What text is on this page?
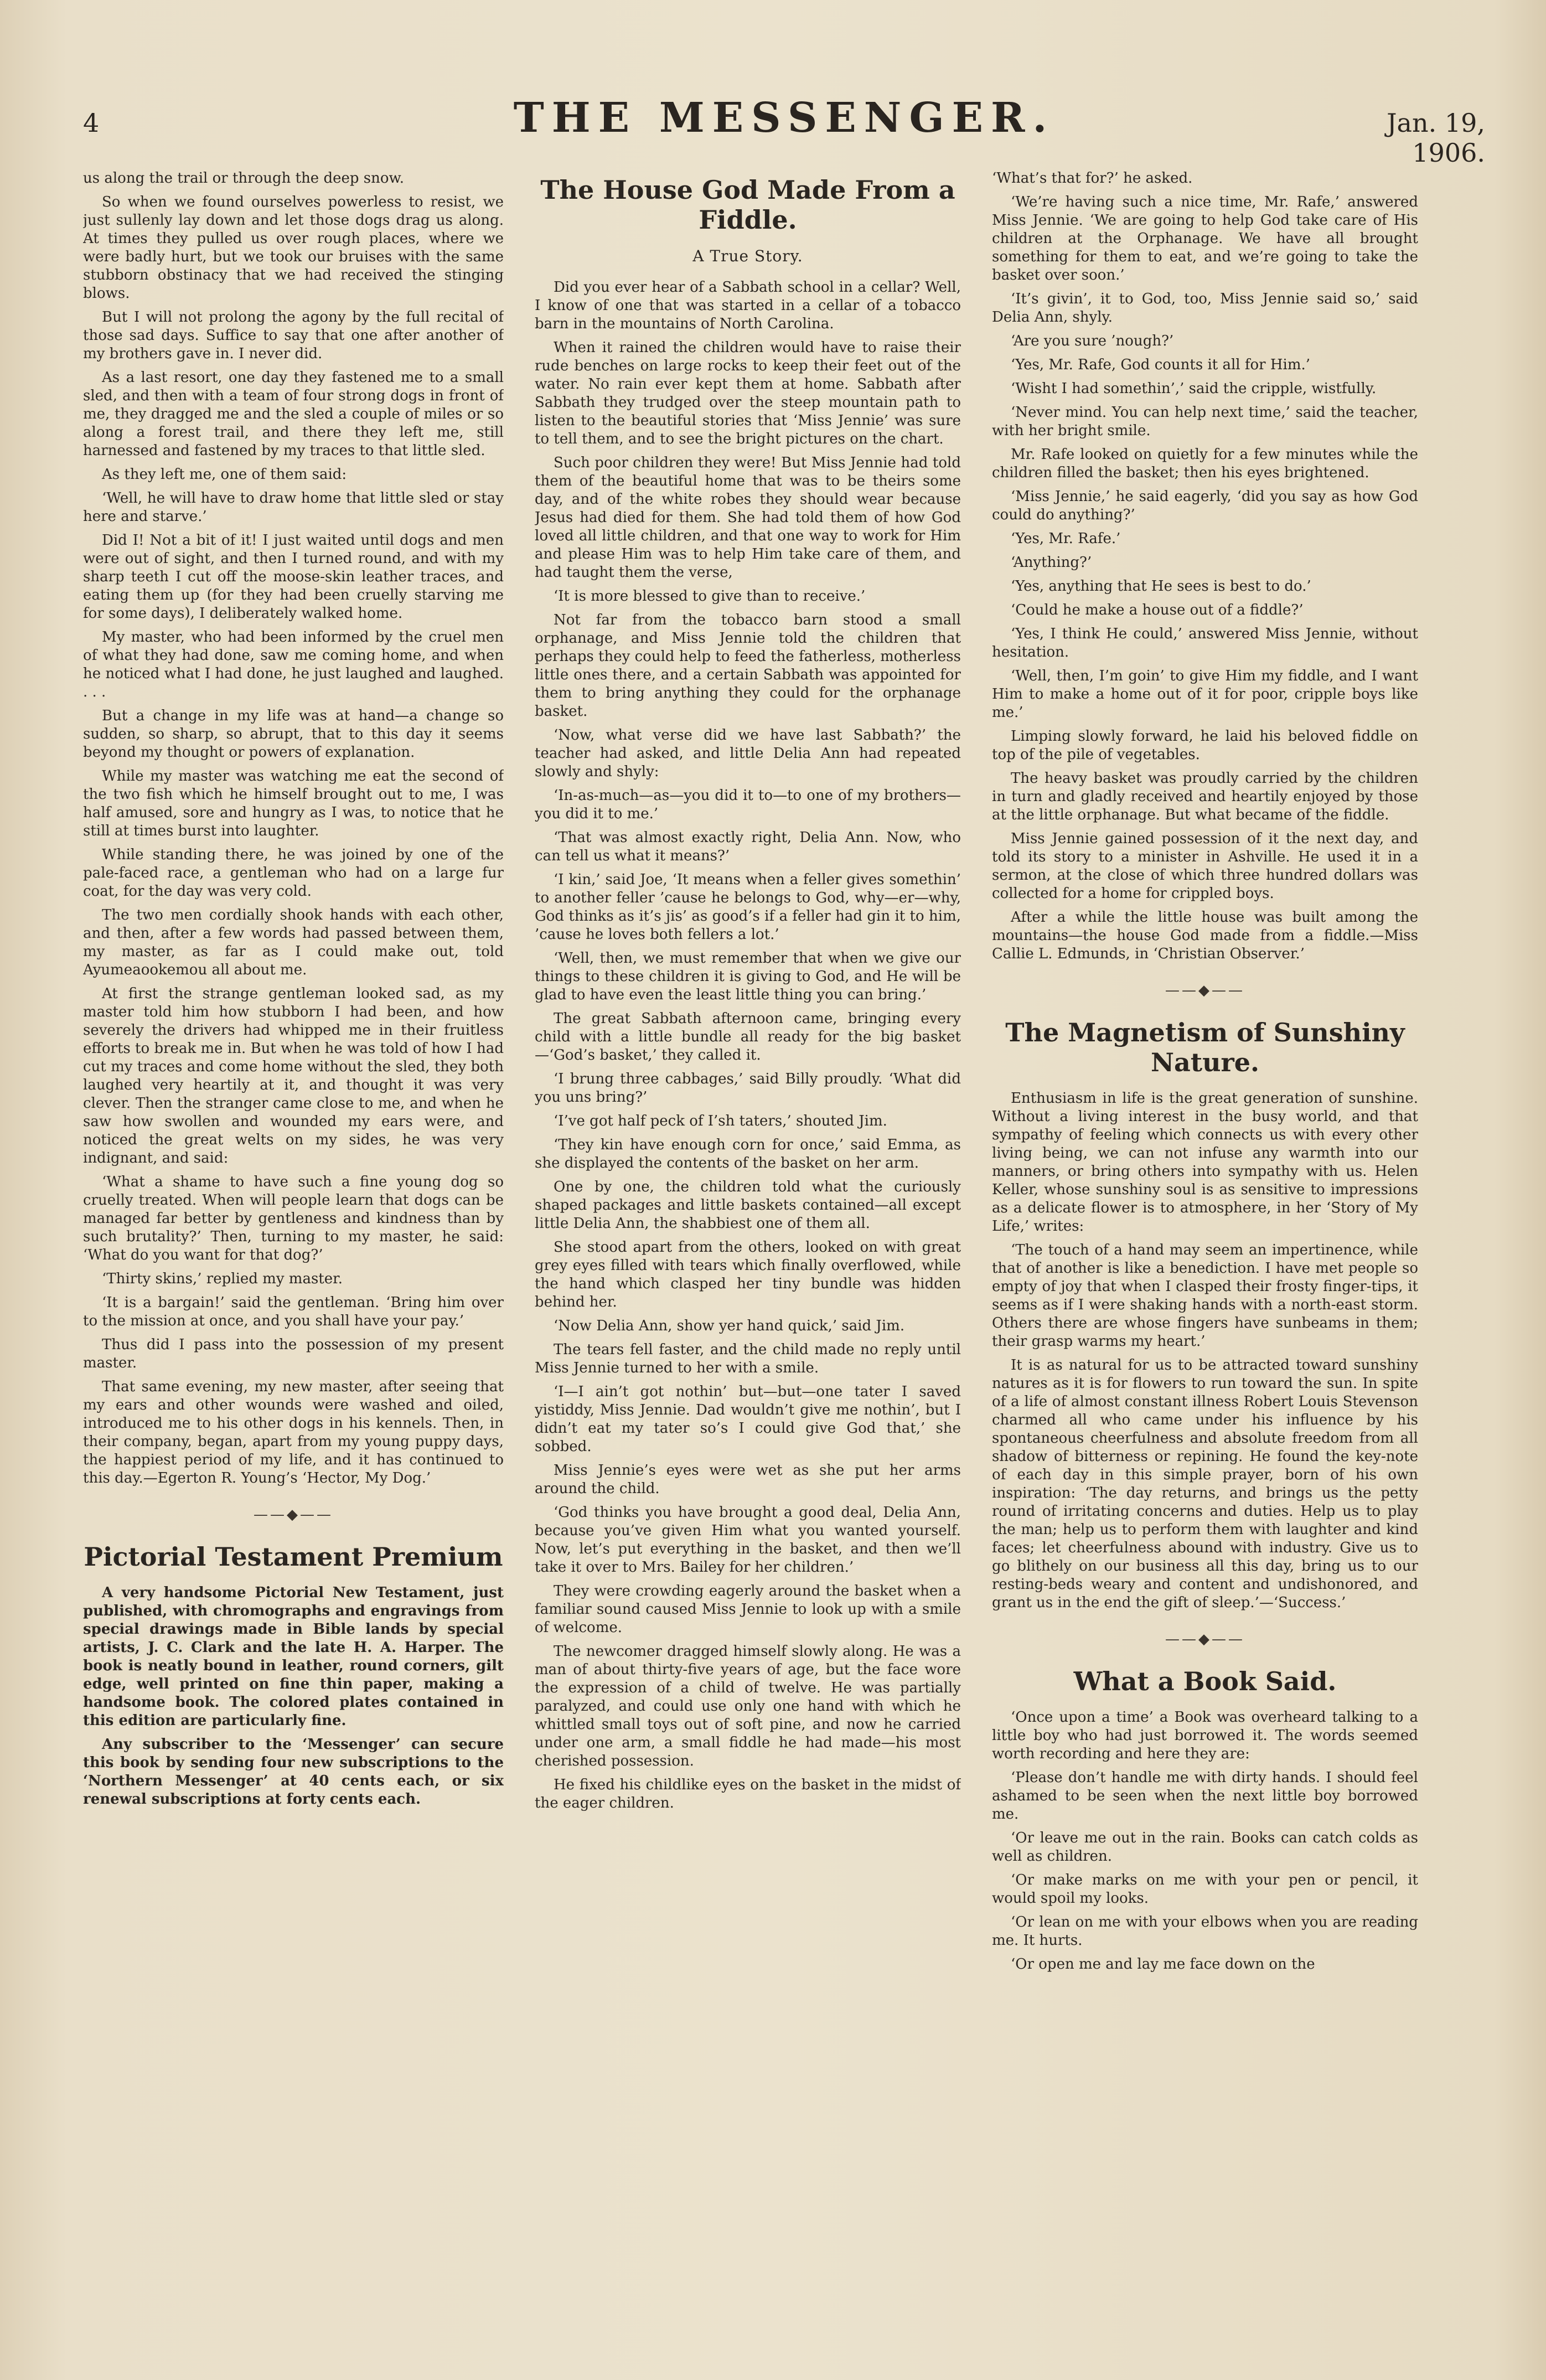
4	THE MESSENGER.	Jan. 19, 1906.

us along the trail or through the deep snow.

So when we found ourselves powerless to resist, we just sullenly lay down and let those dogs drag us along. At times they pulled us over rough places, where we were badly hurt, but we took our bruises with the same stubborn obstinacy that we had received the stinging blows.

But I will not prolong the agony by the full recital of those sad days. Suffice to say that one after another of my brothers gave in. I never did.

As a last resort, one day they fastened me to a small sled, and then with a team of four strong dogs in front of me, they dragged me and the sled a couple of miles or so along a forest trail, and there they left me, still harnessed and fastened by my traces to that little sled.

As they left me, one of them said:

‘Well, he will have to draw home that little sled or stay here and starve.’

Did I! Not a bit of it! I just waited until dogs and men were out of sight, and then I turned round, and with my sharp teeth I cut off the moose-skin leather traces, and eating them up (for they had been cruelly starving me for some days), I deliberately walked home.

My master, who had been informed by the cruel men of what they had done, saw me coming home, and when he noticed what I had done, he just laughed and laughed. . . .

But a change in my life was at hand—a change so sudden, so sharp, so abrupt, that to this day it seems beyond my thought or powers of explanation.

While my master was watching me eat the second of the two fish which he himself brought out to me, I was half amused, sore and hungry as I was, to notice that he still at times burst into laughter.

While standing there, he was joined by one of the pale-faced race, a gentleman who had on a large fur coat, for the day was very cold.

The two men cordially shook hands with each other, and then, after a few words had passed between them, my master, as far as I could make out, told Ayumeaookemou all about me.

At first the strange gentleman looked sad, as my master told him how stubborn I had been, and how severely the drivers had whipped me in their fruitless efforts to break me in. But when he was told of how I had cut my traces and come home without the sled, they both laughed very heartily at it, and thought it was very clever. Then the stranger came close to me, and when he saw how swollen and wounded my ears were, and noticed the great welts on my sides, he was very indignant, and said:

‘What a shame to have such a fine young dog so cruelly treated. When will people learn that dogs can be managed far better by gentleness and kindness than by such brutality?’ Then, turning to my master, he said: ‘What do you want for that dog?’

‘Thirty skins,’ replied my master.

‘It is a bargain!’ said the gentleman. ‘Bring him over to the mission at once, and you shall have your pay.’

Thus did I pass into the possession of my present master.

That same evening, my new master, after seeing that my ears and other wounds were washed and oiled, introduced me to his other dogs in his kennels. Then, in their company, began, apart from my young puppy days, the happiest period of my life, and it has continued to this day.—Egerton R. Young’s ‘Hector, My Dog.’

——◆——
Pictorial Testament Premium

A very handsome Pictorial New Testament, just published, with chromographs and engravings from special drawings made in Bible lands by special artists, J. C. Clark and the late H. A. Harper. The book is neatly bound in leather, round corners, gilt edge, well printed on fine thin paper, making a handsome book. The colored plates contained in this edition are particularly fine.

Any subscriber to the ‘Messenger’ can secure this book by sending four new subscriptions to the ‘Northern Messenger’ at 40 cents each, or six renewal subscriptions at forty cents each.

The House God Made From a Fiddle.
A True Story.

Did you ever hear of a Sabbath school in a cellar? Well, I know of one that was started in a cellar of a tobacco barn in the mountains of North Carolina.

When it rained the children would have to raise their rude benches on large rocks to keep their feet out of the water. No rain ever kept them at home. Sabbath after Sabbath they trudged over the steep mountain path to listen to the beautiful stories that ‘Miss Jennie’ was sure to tell them, and to see the bright pictures on the chart.

Such poor children they were! But Miss Jennie had told them of the beautiful home that was to be theirs some day, and of the white robes they should wear because Jesus had died for them. She had told them of how God loved all little children, and that one way to work for Him and please Him was to help Him take care of them, and had taught them the verse,

‘It is more blessed to give than to receive.’

Not far from the tobacco barn stood a small orphanage, and Miss Jennie told the children that perhaps they could help to feed the fatherless, motherless little ones there, and a certain Sabbath was appointed for them to bring anything they could for the orphanage basket.

‘Now, what verse did we have last Sabbath?’ the teacher had asked, and little Delia Ann had repeated slowly and shyly:

‘In-as-much—as—you did it to—to one of my brothers—you did it to me.’

‘That was almost exactly right, Delia Ann. Now, who can tell us what it means?’

‘I kin,’ said Joe, ‘It means when a feller gives somethin’ to another feller ’cause he belongs to God, why—er—why, God thinks as it’s jis’ as good’s if a feller had gin it to him, ’cause he loves both fellers a lot.’

‘Well, then, we must remember that when we give our things to these children it is giving to God, and He will be glad to have even the least little thing you can bring.’

The great Sabbath afternoon came, bringing every child with a little bundle all ready for the big basket—‘God’s basket,’ they called it.

‘I brung three cabbages,’ said Billy proudly. ‘What did you uns bring?’

‘I’ve got half peck of I’sh taters,’ shouted Jim.

‘They kin have enough corn for once,’ said Emma, as she displayed the contents of the basket on her arm.

One by one, the children told what the curiously shaped packages and little baskets contained—all except little Delia Ann, the shabbiest one of them all.

She stood apart from the others, looked on with great grey eyes filled with tears which finally overflowed, while the hand which clasped her tiny bundle was hidden behind her.

‘Now Delia Ann, show yer hand quick,’ said Jim.

The tears fell faster, and the child made no reply until Miss Jennie turned to her with a smile.

‘I—I ain’t got nothin’ but—but—one tater I saved yistiddy, Miss Jennie. Dad wouldn’t give me nothin’, but I didn’t eat my tater so’s I could give God that,’ she sobbed.

Miss Jennie’s eyes were wet as she put her arms around the child.

‘God thinks you have brought a good deal, Delia Ann, because you’ve given Him what you wanted yourself. Now, let’s put everything in the basket, and then we’ll take it over to Mrs. Bailey for her children.’

They were crowding eagerly around the basket when a familiar sound caused Miss Jennie to look up with a smile of welcome.

The newcomer dragged himself slowly along. He was a man of about thirty-five years of age, but the face wore the expression of a child of twelve. He was partially paralyzed, and could use only one hand with which he whittled small toys out of soft pine, and now he carried under one arm, a small fiddle he had made—his most cherished possession.

He fixed his childlike eyes on the basket in the midst of the eager children.

‘What’s that for?’ he asked.

‘We’re having such a nice time, Mr. Rafe,’ answered Miss Jennie. ‘We are going to help God take care of His children at the Orphanage. We have all brought something for them to eat, and we’re going to take the basket over soon.’

‘It’s givin’, it to God, too, Miss Jennie said so,’ said Delia Ann, shyly.

‘Are you sure ’nough?’

‘Yes, Mr. Rafe, God counts it all for Him.’

‘Wisht I had somethin’,’ said the cripple, wistfully.

‘Never mind. You can help next time,’ said the teacher, with her bright smile.

Mr. Rafe looked on quietly for a few minutes while the children filled the basket; then his eyes brightened.

‘Miss Jennie,’ he said eagerly, ‘did you say as how God could do anything?’

‘Yes, Mr. Rafe.’

‘Anything?’

‘Yes, anything that He sees is best to do.’

‘Could he make a house out of a fiddle?’

‘Yes, I think He could,’ answered Miss Jennie, without hesitation.

‘Well, then, I’m goin’ to give Him my fiddle, and I want Him to make a home out of it for poor, cripple boys like me.’

Limping slowly forward, he laid his beloved fiddle on top of the pile of vegetables.

The heavy basket was proudly carried by the children in turn and gladly received and heartily enjoyed by those at the little orphanage. But what became of the fiddle.

Miss Jennie gained possession of it the next day, and told its story to a minister in Ashville. He used it in a sermon, at the close of which three hundred dollars was collected for a home for crippled boys.

After a while the little house was built among the mountains—the house God made from a fiddle.—Miss Callie L. Edmunds, in ‘Christian Observer.’

——◆——
The Magnetism of Sunshiny Nature.

Enthusiasm in life is the great generation of sunshine. Without a living interest in the busy world, and that sympathy of feeling which connects us with every other living being, we can not infuse any warmth into our manners, or bring others into sympathy with us. Helen Keller, whose sunshiny soul is as sensitive to impressions as a delicate flower is to atmosphere, in her ‘Story of My Life,’ writes:

‘The touch of a hand may seem an impertinence, while that of another is like a benediction. I have met people so empty of joy that when I clasped their frosty finger-tips, it seems as if I were shaking hands with a north-east storm. Others there are whose fingers have sunbeams in them; their grasp warms my heart.’

It is as natural for us to be attracted toward sunshiny natures as it is for flowers to run toward the sun. In spite of a life of almost constant illness Robert Louis Stevenson charmed all who came under his influence by his spontaneous cheerfulness and absolute freedom from all shadow of bitterness or repining. He found the key-note of each day in this simple prayer, born of his own inspiration: ‘The day returns, and brings us the petty round of irritating concerns and duties. Help us to play the man; help us to perform them with laughter and kind faces; let cheerfulness abound with industry. Give us to go blithely on our business all this day, bring us to our resting-beds weary and content and undishonored, and grant us in the end the gift of sleep.’—‘Success.’

——◆——
What a Book Said.

‘Once upon a time’ a Book was overheard talking to a little boy who had just borrowed it. The words seemed worth recording and here they are:

‘Please don’t handle me with dirty hands. I should feel ashamed to be seen when the next little boy borrowed me.

‘Or leave me out in the rain. Books can catch colds as well as children.

‘Or make marks on me with your pen or pencil, it would spoil my looks.

‘Or lean on me with your elbows when you are reading me. It hurts.

‘Or open me and lay me face down on the
